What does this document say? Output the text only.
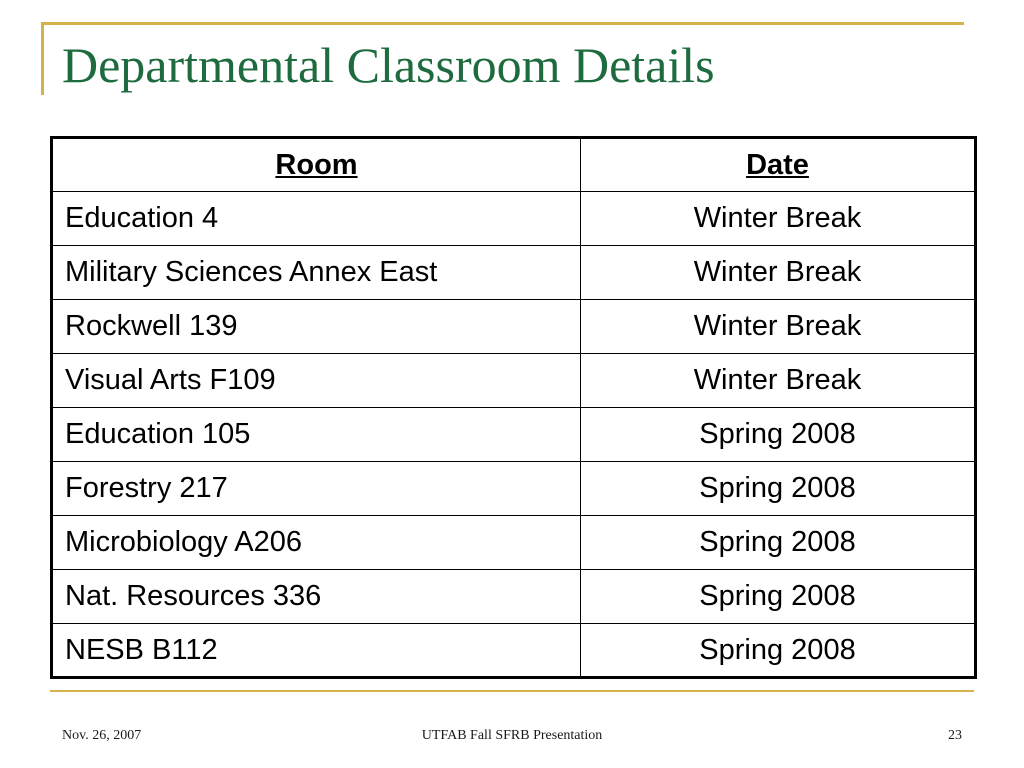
Departmental Classroom Details
Room	Date
Education 4	Winter Break
Military Sciences Annex East	Winter Break
Rockwell 139	Winter Break
Visual Arts F109	Winter Break
Education 105	Spring 2008
Forestry 217	Spring 2008
Microbiology A206	Spring 2008
Nat. Resources 336	Spring 2008
NESB B112	Spring 2008
Nov. 26, 2007	UTFAB Fall SFRB Presentation	23
